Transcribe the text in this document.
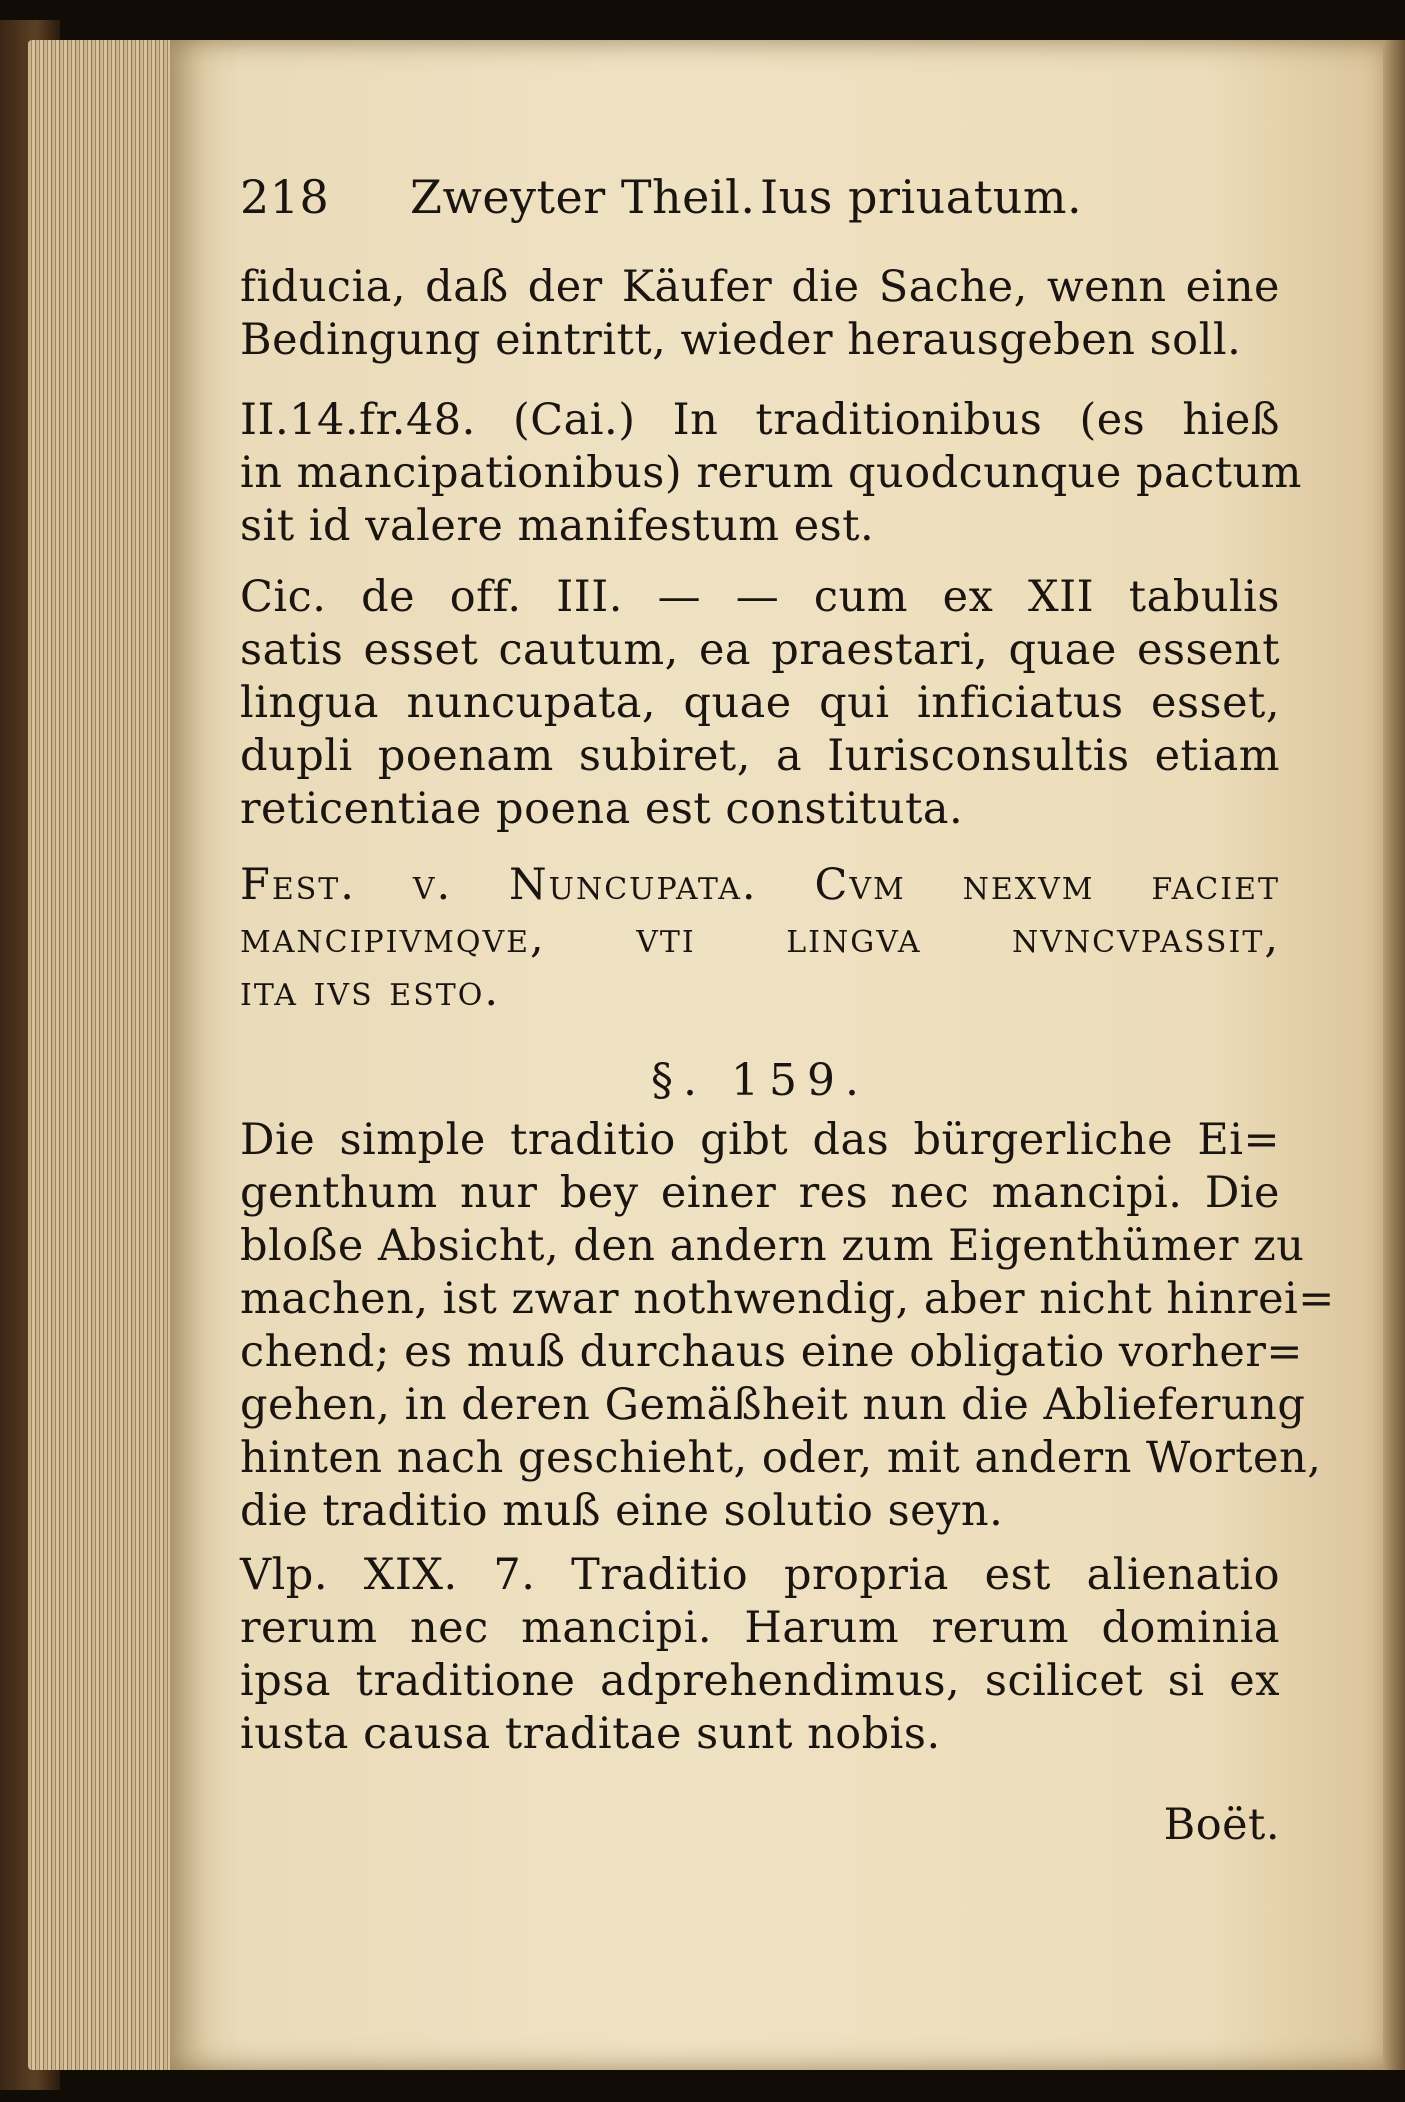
218 Zweyter Theil. Ius priuatum.
fiducia, daß der Käufer die Sache, wenn eine
Bedingung eintritt, wieder herausgeben soll.
II.14.fr.48. (Cai.) In traditionibus (es hieß
in mancipationibus) rerum quodcunque pactum
sit id valere manifestum est.
Cic. de off. III. — — cum ex XII tabulis
satis esset cautum, ea praestari, quae essent
lingua nuncupata, quae qui inficiatus esset,
dupli poenam subiret, a Iurisconsultis etiam
reticentiae poena est constituta.
Fest. v. Nuncupata. Cvm nexvm faciet
mancipivmqve, vti lingva nvncvpassit,
ita ivs esto.
§. 159.
Die simple traditio gibt das bürgerliche Ei=
genthum nur bey einer res nec mancipi. Die
bloße Absicht, den andern zum Eigenthümer zu
machen, ist zwar nothwendig, aber nicht hinrei=
chend; es muß durchaus eine obligatio vorher=
gehen, in deren Gemäßheit nun die Ablieferung
hinten nach geschieht, oder, mit andern Worten,
die traditio muß eine solutio seyn.
Vlp. XIX. 7. Traditio propria est alienatio
rerum nec mancipi. Harum rerum dominia
ipsa traditione adprehendimus, scilicet si ex
iusta causa traditae sunt nobis.
Boët.
